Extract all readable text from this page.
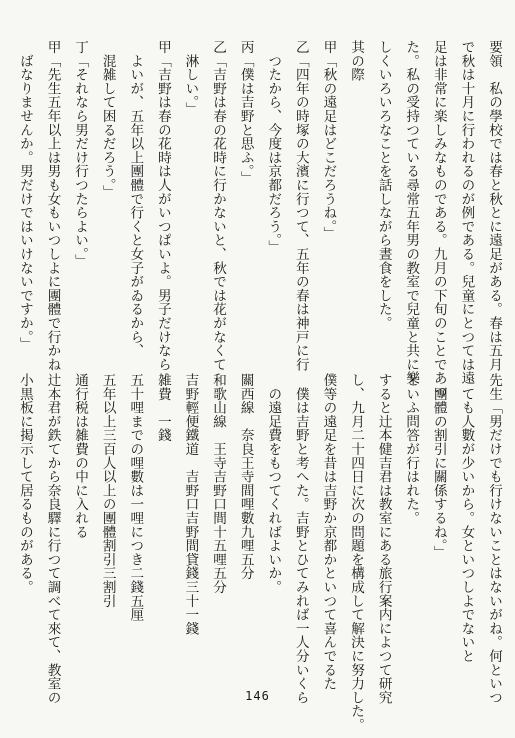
要領　私の學校では春と秋とに遠足がある。春は五月

で秋は十月に行われるのが例である。兒童にとつては遠

足は非常に楽しみなものである。九月の下旬のことであつ

た。私の受持つている尋常五年男の教室で兒童と共に樂

しくいろいろなことを話しながら晝食をした。

其の際

甲「秋の遠足はどこだろうね。」

乙「四年の時塚の大濱に行つて、五年の春は神戸に行

　つたから、今度は京都だろう。」

丙「僕は吉野と思ふ。」

乙「吉野は春の花時に行かないと、秋では花がなくて

　淋しい。」

甲「吉野は春の花時は人がいつぱいよ。男子だけなら

　よいが、五年以上團體で行くと女子がゐるから、

　混雑して困るだろう。」

丁「それなら男だけ行つたらよい。」

甲「先生五年以上は男も女もいつしよに團體で行かね

　ばなりませんか。男だけではいけないですか。」

先生「男だけでも行けないことはないがね。何といつ

　ても人數が少いから。女といつしよでないと

　團體の割引に關係するね。」

といふ問答が行はれた。

すると辻本健吉君は教室にある旅行案内によつて研究

し、九月二十四日に次の問題を構成して解決に努力した。

僕等の遠足を昔は吉野か京都かといつて喜んでるた

　僕は吉野と考へた。吉野とひてみれば一人分いくら

　の遠足費をもつてくればよいか。

關西線　奈良王寺間哩數九哩五分

和歌山線　王寺吉野口間十五哩五分

吉野輕便鐵道　吉野口吉野間貸錢三十一錢

雑費　一錢

五十哩までの哩數は一哩につき二錢五厘

五年以上三百人以上の團體割引三割引

通行税は雑費の中に入れる

辻本君が鉄てから奈良驛に行つて調べて來て、教室の

小黒板に掲示して居るものがある。

146
